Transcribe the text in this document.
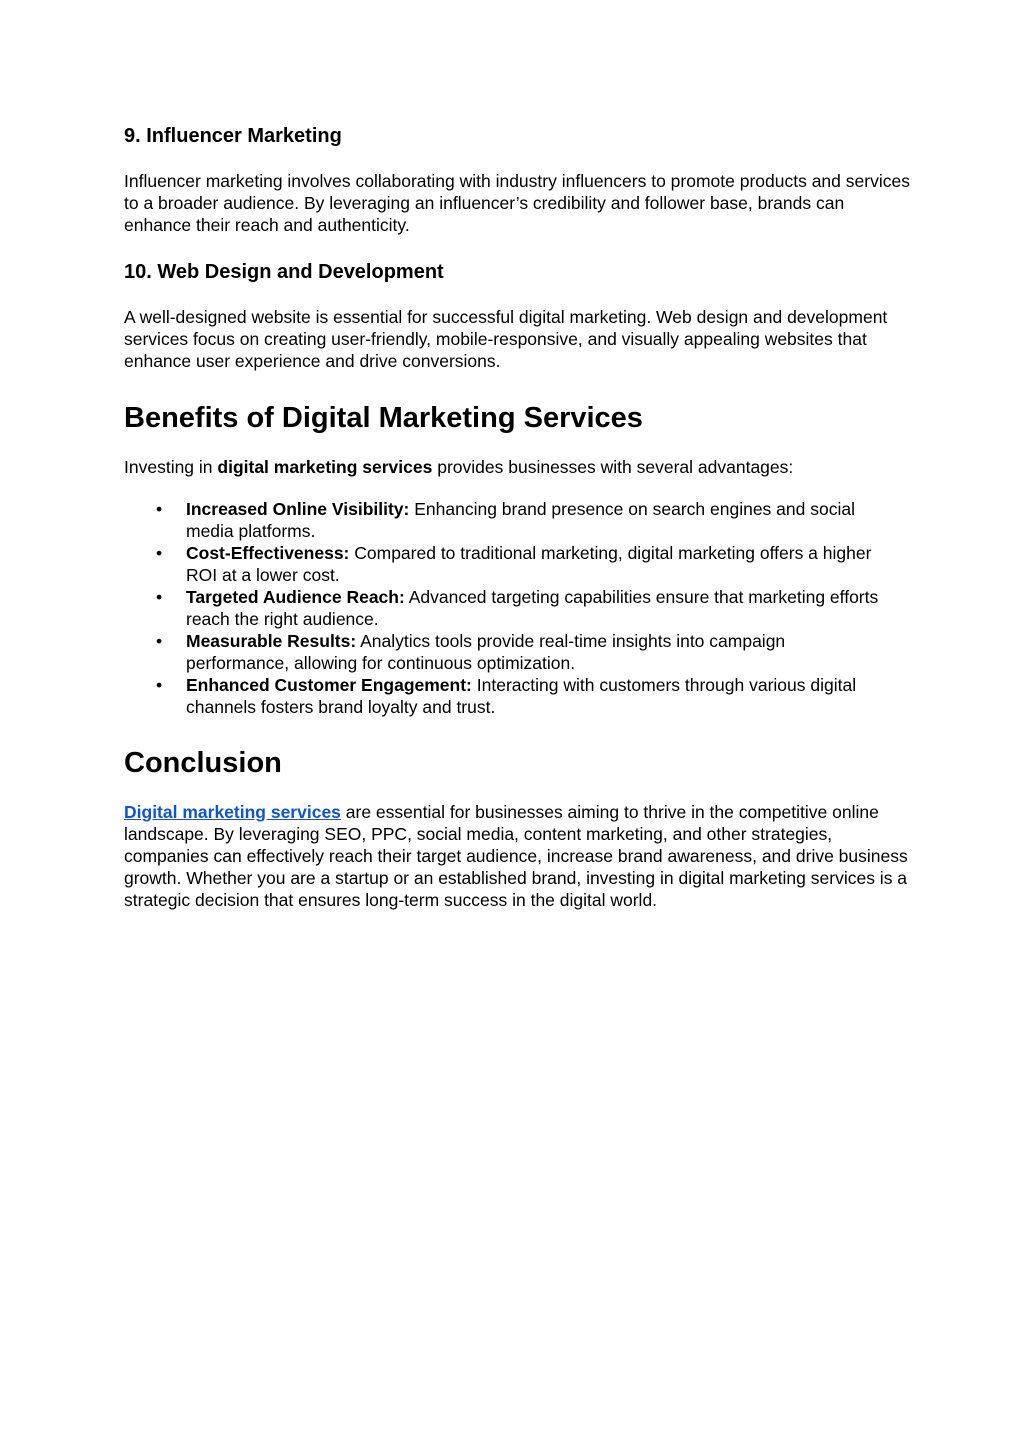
9. Influencer Marketing

Influencer marketing involves collaborating with industry influencers to promote products and services to a broader audience. By leveraging an influencer’s credibility and follower base, brands can enhance their reach and authenticity.

10. Web Design and Development

A well-designed website is essential for successful digital marketing. Web design and development services focus on creating user-friendly, mobile-responsive, and visually appealing websites that enhance user experience and drive conversions.

Benefits of Digital Marketing Services

Investing in digital marketing services provides businesses with several advantages:

• Increased Online Visibility: Enhancing brand presence on search engines and social media platforms.
• Cost-Effectiveness: Compared to traditional marketing, digital marketing offers a higher ROI at a lower cost.
• Targeted Audience Reach: Advanced targeting capabilities ensure that marketing efforts reach the right audience.
• Measurable Results: Analytics tools provide real-time insights into campaign performance, allowing for continuous optimization.
• Enhanced Customer Engagement: Interacting with customers through various digital channels fosters brand loyalty and trust.
Conclusion

Digital marketing services are essential for businesses aiming to thrive in the competitive online landscape. By leveraging SEO, PPC, social media, content marketing, and other strategies, companies can effectively reach their target audience, increase brand awareness, and drive business growth. Whether you are a startup or an established brand, investing in digital marketing services is a strategic decision that ensures long-term success in the digital world.
